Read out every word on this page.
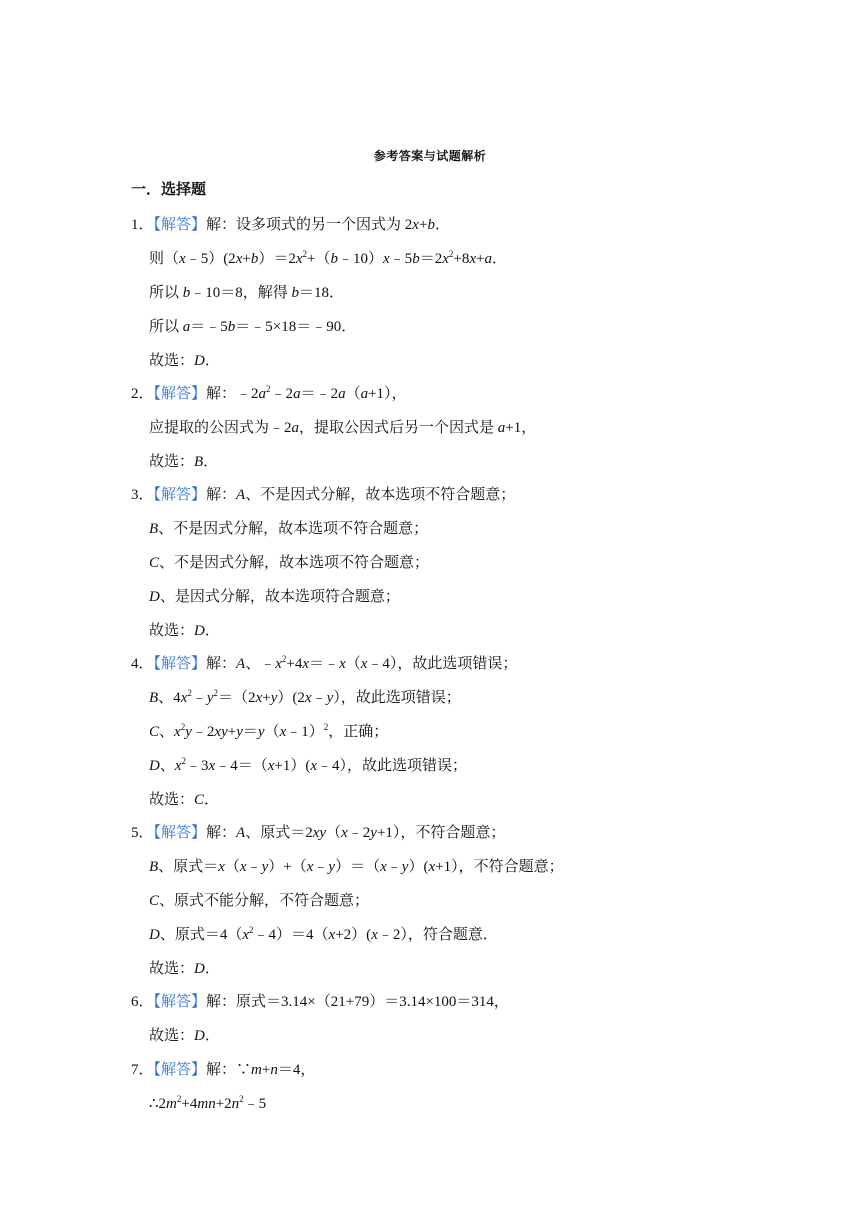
参考答案与试题解析
一．选择题
1．【解答】解：设多项式的另一个因式为 2x+b．
则$(x﹣5)(2x+b)=2x^2+(b﹣10)x﹣5b=2x^2+8x+a$．
所以 b﹣10＝8，解得 b＝18．
所以 a＝﹣5b＝﹣5×18＝﹣90．
故选：D．
2．【解答】解：$﹣2a^2﹣2a=﹣2a(a+1)$，
应提取的公因式为﹣2a，提取公因式后另一个因式是 a+1，
故选：B．
3．【解答】解：A、不是因式分解，故本选项不符合题意；
B、不是因式分解，故本选项不符合题意；
C、不是因式分解，故本选项不符合题意；
D、是因式分解，故本选项符合题意；
故选：D．
4．【解答】解：A、$﹣x^2+4x=﹣x(x﹣4)$，故此选项错误；
B、$4x^2﹣y^2=(2x+y)(2x﹣y)$，故此选项错误；
C、$x^2y﹣2xy+y=y(x﹣1)^2$，正确；
D、$x^2﹣3x﹣4=(x+1)(x﹣4)$，故此选项错误；
故选：C．
5．【解答】解：A、原式＝2xy（x﹣2y+1），不符合题意；
B、原式＝x（x﹣y）+（x﹣y）＝（x﹣y）(x+1），不符合题意；
C、原式不能分解，不符合题意；
D、原式$=4(x^2﹣4)=4(x+2)(x﹣2)$，符合题意．
故选：D．
6．【解答】解：原式＝3.14×（21+79）＝3.14×100＝314，
故选：D．
7．【解答】解：∵m+n＝4，
$\therefore 2m^2+4mn+2n^2﹣5$
